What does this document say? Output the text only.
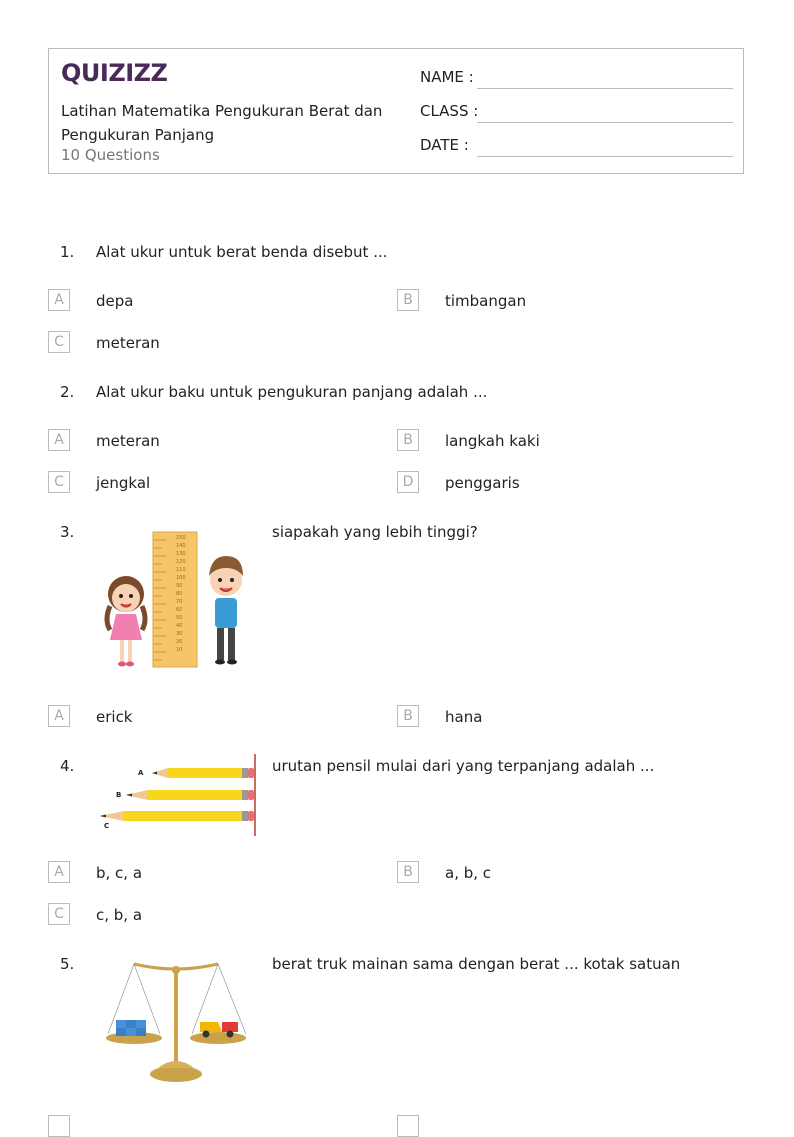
QUIZIZZ
Latihan Matematika Pengukuran Berat dan Pengukuran Panjang
10 Questions
NAME :
CLASS :
DATE :
1. Alat ukur untuk berat benda disebut ...
A	depa	B	timbangan
C	meteran
2. Alat ukur baku untuk pengukuran panjang adalah ...
A	meteran	B	langkah kaki
C	jengkal	D	penggaris
3.	150
140
130
120
110
100
90
80
70
60
50
40
30
20
10
siapakah yang lebih tinggi?
A	erick	B	hana
4.	A
B
C
urutan pensil mulai dari yang terpanjang adalah ...
A	b, c, a	B	a, b, c
C	c, b, a
5.	berat truk mainan sama dengan berat ... kotak satuan
